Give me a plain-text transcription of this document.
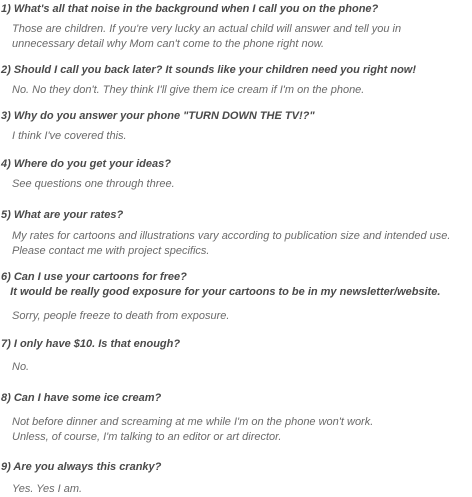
1) What's all that noise in the background when I call you on the phone?

Those are children. If you're very lucky an actual child will answer and tell you in
unnecessary detail why Mom can't come to the phone right now.

2) Should I call you back later? It sounds like your children need you right now!

No. No they don't. They think I'll give them ice cream if I'm on the phone.

3) Why do you answer your phone "TURN DOWN THE TV!?"

I think I've covered this.

4) Where do you get your ideas?

See questions one through three.

5) What are your rates?

My rates for cartoons and illustrations vary according to publication size and intended use.
Please contact me with project specifics.

6) Can I use your cartoons for free?
It would be really good exposure for your cartoons to be in my newsletter/website.

Sorry, people freeze to death from exposure.

7) I only have $10. Is that enough?

No.

8) Can I have some ice cream?

Not before dinner and screaming at me while I'm on the phone won't work.
Unless, of course, I'm talking to an editor or art director.

9) Are you always this cranky?

Yes. Yes I am.
